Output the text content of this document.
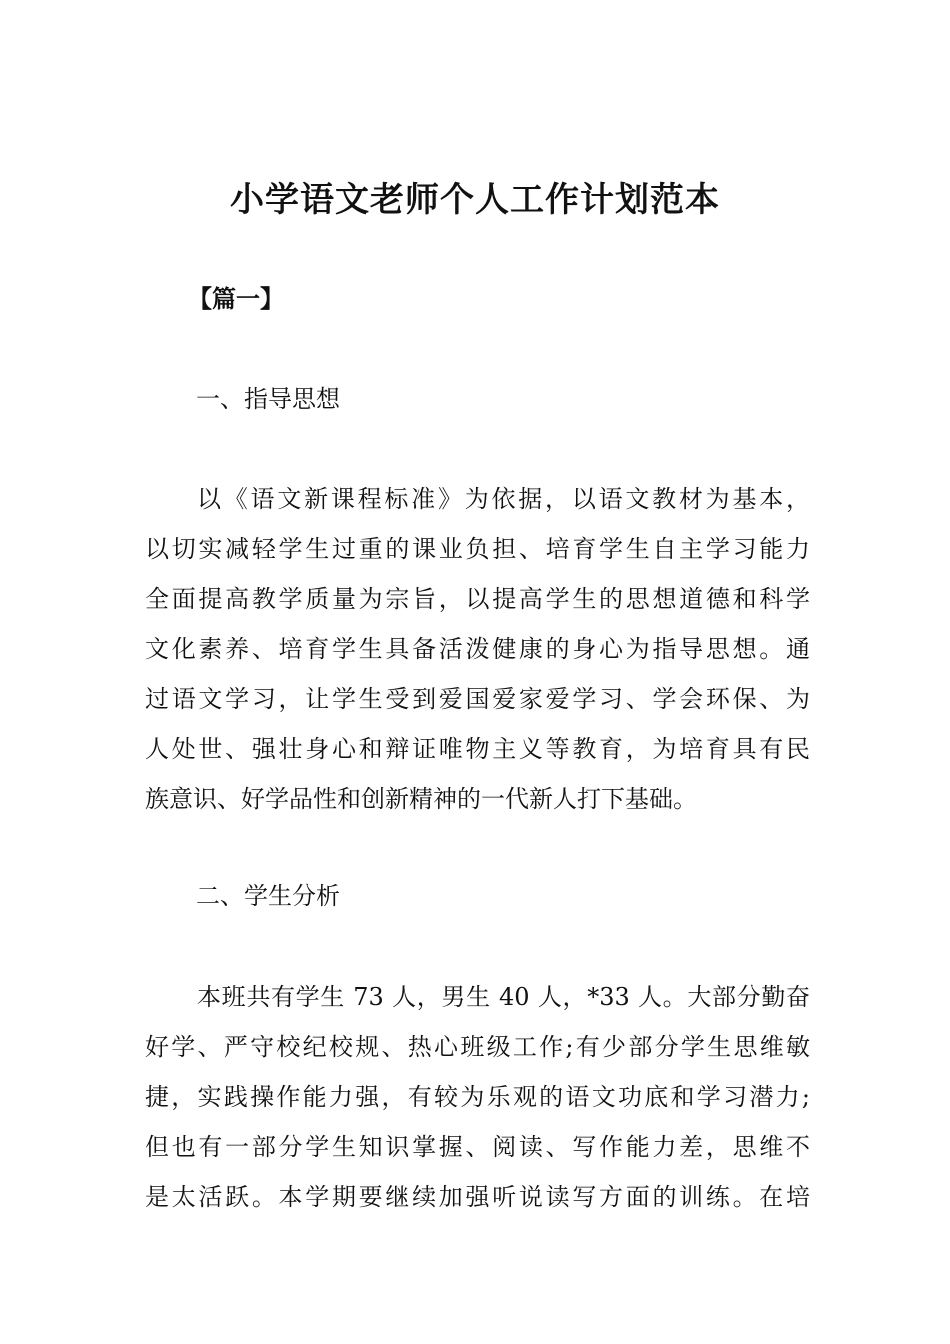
小学语文老师个人工作计划范本
【篇一】
一、指导思想
以《语文新课程标准》为依据，以语文教材为基本，
以切实减轻学生过重的课业负担、培育学生自主学习能力
全面提高教学质量为宗旨，以提高学生的思想道德和科学
文化素养、培育学生具备活泼健康的身心为指导思想。通
过语文学习，让学生受到爱国爱家爱学习、学会环保、为
人处世、强壮身心和辩证唯物主义等教育，为培育具有民
族意识、好学品性和创新精神的一代新人打下基础。
二、学生分析
本班共有学生 73 人，男生 40 人，*33 人。大部分勤奋
好学、严守校纪校规、热心班级工作;有少部分学生思维敏
捷，实践操作能力强，有较为乐观的语文功底和学习潜力;
但也有一部分学生知识掌握、阅读、写作能力差，思维不
是太活跃。本学期要继续加强听说读写方面的训练。在培
